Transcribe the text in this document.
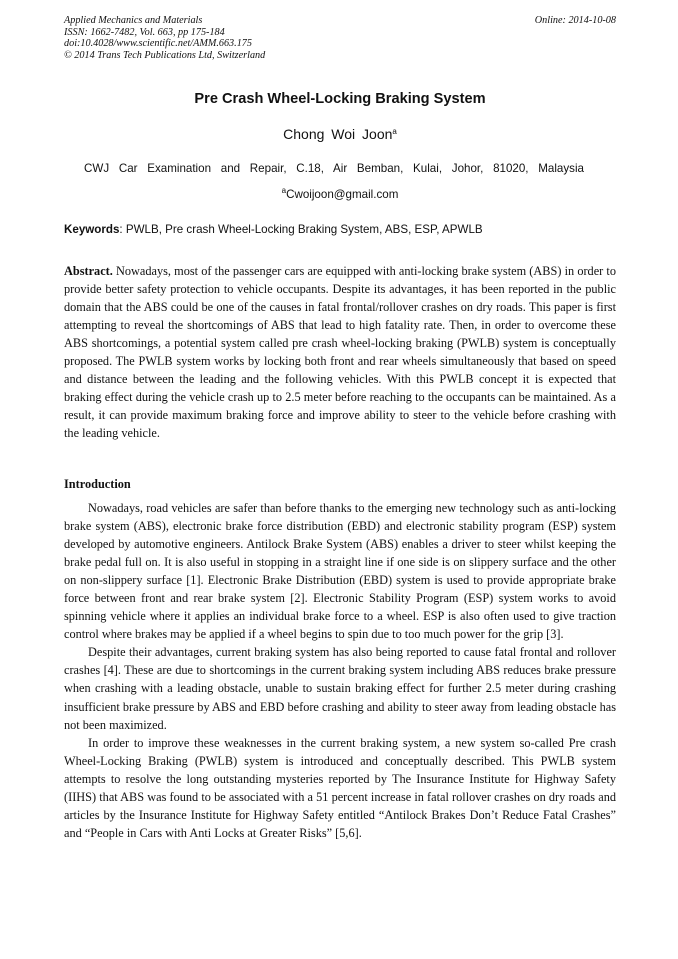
Applied Mechanics and Materials
ISSN: 1662-7482, Vol. 663, pp 175-184
doi:10.4028/www.scientific.net/AMM.663.175
© 2014 Trans Tech Publications Ltd, Switzerland
Online: 2014-10-08
Pre Crash Wheel-Locking Braking System
Chong Woi Joon$^a$
CWJ Car Examination and Repair, C.18, Air Bemban, Kulai, Johor, 81020, Malaysia
$^a$Cwoijoon@gmail.com
Keywords: PWLB, Pre crash Wheel-Locking Braking System, ABS, ESP, APWLB
Abstract. Nowadays, most of the passenger cars are equipped with anti-locking brake system (ABS) in order to provide better safety protection to vehicle occupants. Despite its advantages, it has been reported in the public domain that the ABS could be one of the causes in fatal frontal/rollover crashes on dry roads. This paper is first attempting to reveal the shortcomings of ABS that lead to high fatality rate. Then, in order to overcome these ABS shortcomings, a potential system called pre crash wheel-locking braking (PWLB) system is conceptually proposed. The PWLB system works by locking both front and rear wheels simultaneously that based on speed and distance between the leading and the following vehicles. With this PWLB concept it is expected that braking effect during the vehicle crash up to 2.5 meter before reaching to the occupants can be maintained. As a result, it can provide maximum braking force and improve ability to steer to the vehicle before crashing with the leading vehicle.
Introduction

Nowadays, road vehicles are safer than before thanks to the emerging new technology such as anti-locking brake system (ABS), electronic brake force distribution (EBD) and electronic stability program (ESP) system developed by automotive engineers. Antilock Brake System (ABS) enables a driver to steer whilst keeping the brake pedal full on. It is also useful in stopping in a straight line if one side is on slippery surface and the other on non-slippery surface [1]. Electronic Brake Distribution (EBD) system is used to provide appropriate brake force between front and rear brake system [2]. Electronic Stability Program (ESP) system works to avoid spinning vehicle where it applies an individual brake force to a wheel. ESP is also often used to give traction control where brakes may be applied if a wheel begins to spin due to too much power for the grip [3].

Despite their advantages, current braking system has also being reported to cause fatal frontal and rollover crashes [4]. These are due to shortcomings in the current braking system including ABS reduces brake pressure when crashing with a leading obstacle, unable to sustain braking effect for further 2.5 meter during crashing insufficient brake pressure by ABS and EBD before crashing and ability to steer away from leading obstacle has not been maximized.

In order to improve these weaknesses in the current braking system, a new system so-called Pre crash Wheel-Locking Braking (PWLB) system is introduced and conceptually described. This PWLB system attempts to resolve the long outstanding mysteries reported by The Insurance Institute for Highway Safety (IIHS) that ABS was found to be associated with a 51 percent increase in fatal rollover crashes on dry roads and articles by the Insurance Institute for Highway Safety entitled “Antilock Brakes Don’t Reduce Fatal Crashes” and “People in Cars with Anti Locks at Greater Risks” [5,6].
